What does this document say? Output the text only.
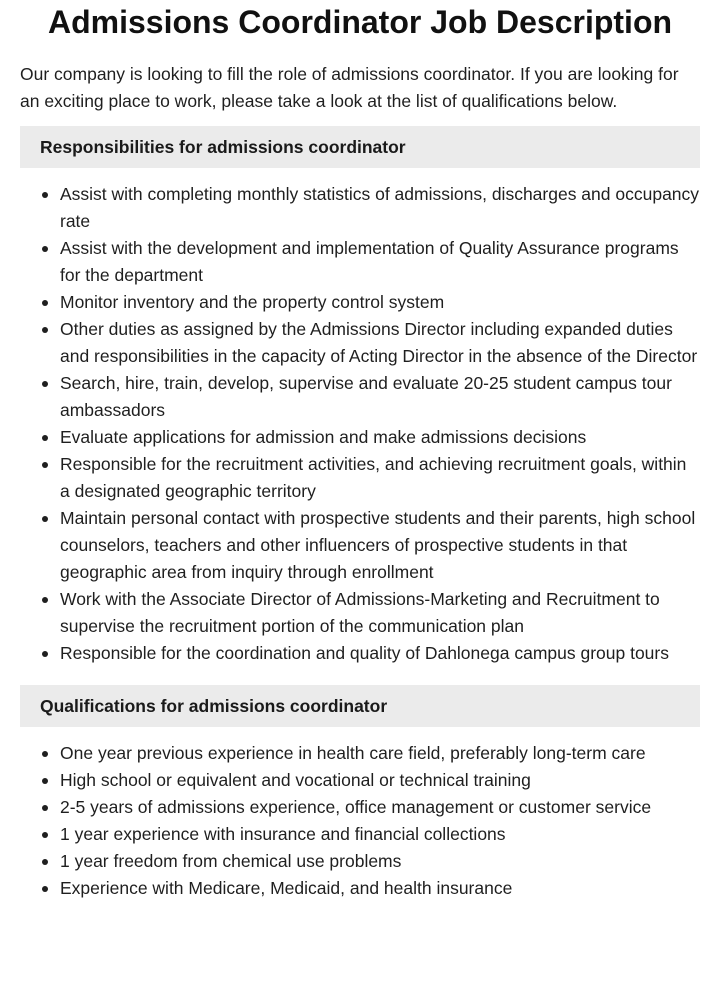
Admissions Coordinator Job Description

Our company is looking to fill the role of admissions coordinator. If you are looking for an exciting place to work, please take a look at the list of qualifications below.

Responsibilities for admissions coordinator
Assist with completing monthly statistics of admissions, discharges and occupancy rate
Assist with the development and implementation of Quality Assurance programs for the department
Monitor inventory and the property control system
Other duties as assigned by the Admissions Director including expanded duties and responsibilities in the capacity of Acting Director in the absence of the Director
Search, hire, train, develop, supervise and evaluate 20-25 student campus tour ambassadors
Evaluate applications for admission and make admissions decisions
Responsible for the recruitment activities, and achieving recruitment goals, within a designated geographic territory
Maintain personal contact with prospective students and their parents, high school counselors, teachers and other influencers of prospective students in that geographic area from inquiry through enrollment
Work with the Associate Director of Admissions-Marketing and Recruitment to supervise the recruitment portion of the communication plan
Responsible for the coordination and quality of Dahlonega campus group tours
Qualifications for admissions coordinator
One year previous experience in health care field, preferably long-term care
High school or equivalent and vocational or technical training
2-5 years of admissions experience, office management or customer service
1 year experience with insurance and financial collections
1 year freedom from chemical use problems
Experience with Medicare, Medicaid, and health insurance
